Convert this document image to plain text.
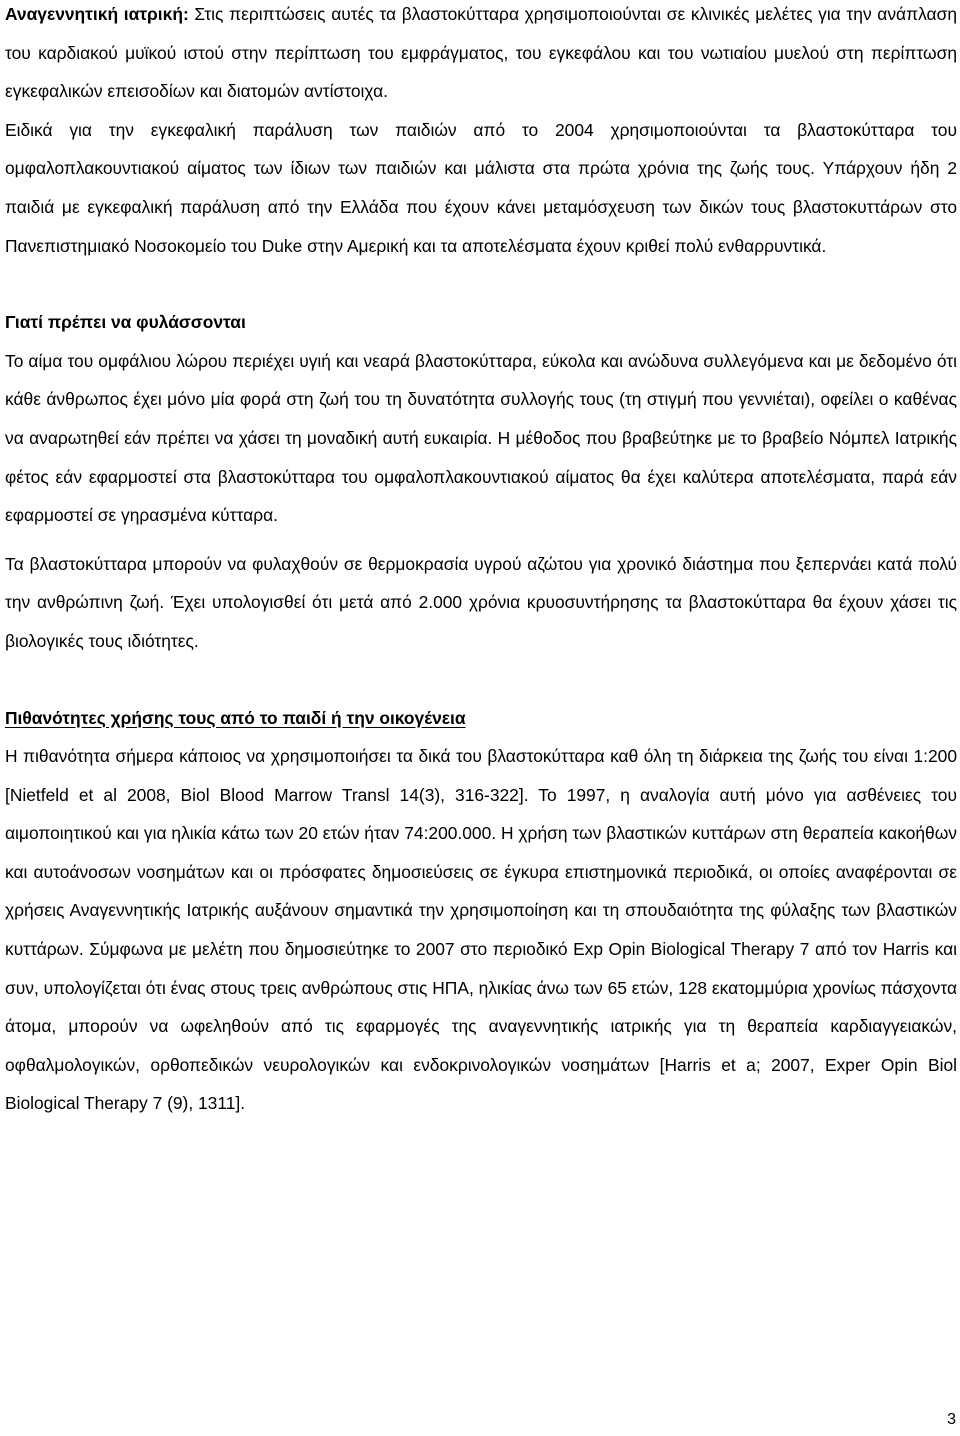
Αναγεννητική ιατρική: Στις περιπτώσεις αυτές τα βλαστοκύτταρα χρησιμοποιούνται σε κλινικές μελέτες για την ανάπλαση του καρδιακού μυϊκού ιστού στην περίπτωση του εμφράγματος, του εγκεφάλου και του νωτιαίου μυελού στη περίπτωση εγκεφαλικών επεισοδίων και διατομών αντίστοιχα.

Ειδικά για την εγκεφαλική παράλυση των παιδιών από το 2004 χρησιμοποιούνται τα βλαστοκύτταρα του ομφαλοπλακουντιακού αίματος των ίδιων των παιδιών και μάλιστα στα πρώτα χρόνια της ζωής τους. Υπάρχουν ήδη 2 παιδιά με εγκεφαλική παράλυση από την Ελλάδα που έχουν κάνει μεταμόσχευση των δικών τους βλαστοκυττάρων στο Πανεπιστημιακό Νοσοκομείο του Duke στην Αμερική και τα αποτελέσματα έχουν κριθεί πολύ ενθαρρυντικά.

Γιατί πρέπει να φυλάσσονται

Το αίμα του ομφάλιου λώρου περιέχει υγιή και νεαρά βλαστοκύτταρα, εύκολα και ανώδυνα συλλεγόμενα και με δεδομένο ότι κάθε άνθρωπος έχει μόνο μία φορά στη ζωή του τη δυνατότητα συλλογής τους (τη στιγμή που γεννιέται), οφείλει ο καθένας να αναρωτηθεί εάν πρέπει να χάσει τη μοναδική αυτή ευκαιρία. Η μέθοδος που βραβεύτηκε με το βραβείο Νόμπελ Ιατρικής φέτος εάν εφαρμοστεί στα βλαστοκύτταρα του ομφαλοπλακουντιακού αίματος θα έχει καλύτερα αποτελέσματα, παρά εάν εφαρμοστεί σε γηρασμένα κύτταρα.

Τα βλαστοκύτταρα μπορούν να φυλαχθούν σε θερμοκρασία υγρού αζώτου για χρονικό διάστημα που ξεπερνάει κατά πολύ την ανθρώπινη ζωή. Έχει υπολογισθεί ότι μετά από 2.000 χρόνια κρυοσυντήρησης τα βλαστοκύτταρα θα έχουν χάσει τις βιολογικές τους ιδιότητες.

Πιθανότητες χρήσης τους από το παιδί ή την οικογένεια

Η πιθανότητα σήμερα κάποιος να χρησιμοποιήσει τα δικά του βλαστοκύτταρα καθ όλη τη διάρκεια της ζωής του είναι 1:200 [Nietfeld et al 2008, Biol Blood Marrow Transl 14(3), 316-322]. Το 1997, η αναλογία αυτή μόνο για ασθένειες του αιμοποιητικού και για ηλικία κάτω των 20 ετών ήταν 74:200.000. Η χρήση των βλαστικών κυττάρων στη θεραπεία κακοήθων και αυτοάνοσων νοσημάτων και οι πρόσφατες δημοσιεύσεις σε έγκυρα επιστημονικά περιοδικά, οι οποίες αναφέρονται σε χρήσεις Αναγεννητικής Ιατρικής αυξάνουν σημαντικά την χρησιμοποίηση και τη σπουδαιότητα της φύλαξης των βλαστικών κυττάρων. Σύμφωνα με μελέτη που δημοσιεύτηκε το 2007 στο περιοδικό Exp Opin Biological Therapy 7 από τον Harris και συν, υπολογίζεται ότι ένας στους τρεις ανθρώπους στις ΗΠΑ, ηλικίας άνω των 65 ετών, 128 εκατομμύρια χρονίως πάσχοντα άτομα, μπορούν να ωφεληθούν από τις εφαρμογές της αναγεννητικής ιατρικής για τη θεραπεία καρδιαγγειακών, οφθαλμολογικών, ορθοπεδικών νευρολογικών και ενδοκρινολογικών νοσημάτων [Harris et a; 2007, Exper Opin Biol Biological Therapy 7 (9), 1311].

3
